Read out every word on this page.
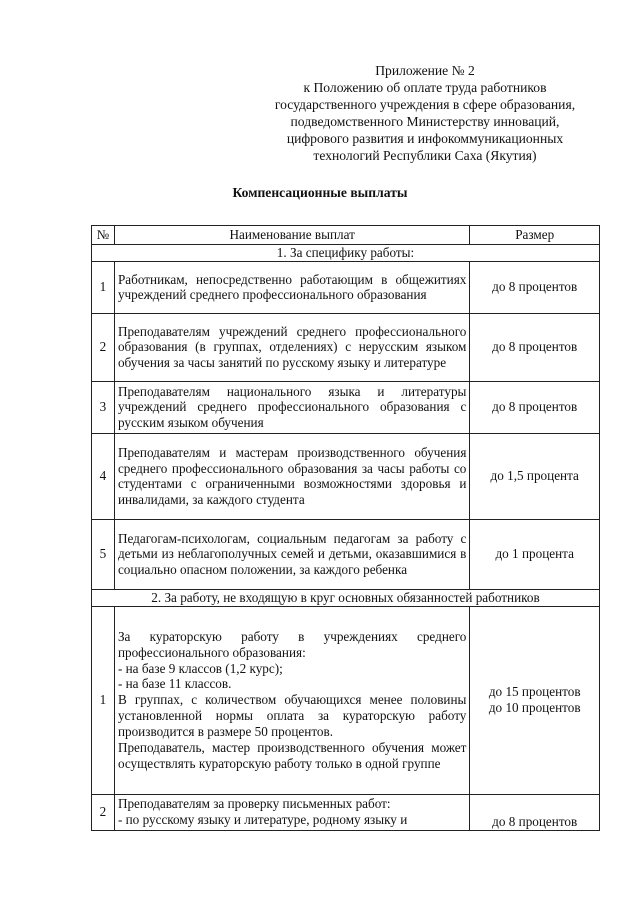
Приложение № 2
к Положению об оплате труда работников
государственного учреждения в сфере образования,
подведомственного Министерству инноваций,
цифрового развития и инфокоммуникационных
технологий Республики Саха (Якутия)
Компенсационные выплаты
№	Наименование выплат	Размер
1. За специфику работы:		
1	Работникам, непосредственно работающим в общежитиях учреждений среднего профессионального образования	до 8 процентов

2	Преподавателям учреждений среднего профессионального образования (в группах, отделениях) с нерусским языком обучения за часы занятий по русскому языку и литературе	до 8 процентов

3	Преподавателям национального языка и литературы учреждений среднего профессионального образования с русским языком обучения	до 8 процентов

4	Преподавателям и мастерам производственного обучения среднего профессионального образования за часы работы со студентами с ограниченными возможностями здоровья и инвалидами, за каждого студента	до 1,5 процента

5	Педагогам-психологам, социальным педагогам за работу с детьми из неблагополучных семей и детьми, оказавшимися в социально опасном положении, за каждого ребенка	до 1 процента

2. За работу, не входящую в круг основных обязанностей работников		
1	За кураторскую работу в учреждениях среднего профессионального образования:
- на базе 9 классов (1,2 курс);
- на базе 11 классов.
В группах, с количеством обучающихся менее половины установленной нормы оплата за кураторскую работу производится в размере 50 процентов.
Преподаватель, мастер производственного обучения может осуществлять кураторскую работу только в одной группе	до 15 процентов
до 10 процентов

2	Преподавателям за проверку письменных работ:
- по русскому языку и литературе, родному языку и	до 8 процентов
